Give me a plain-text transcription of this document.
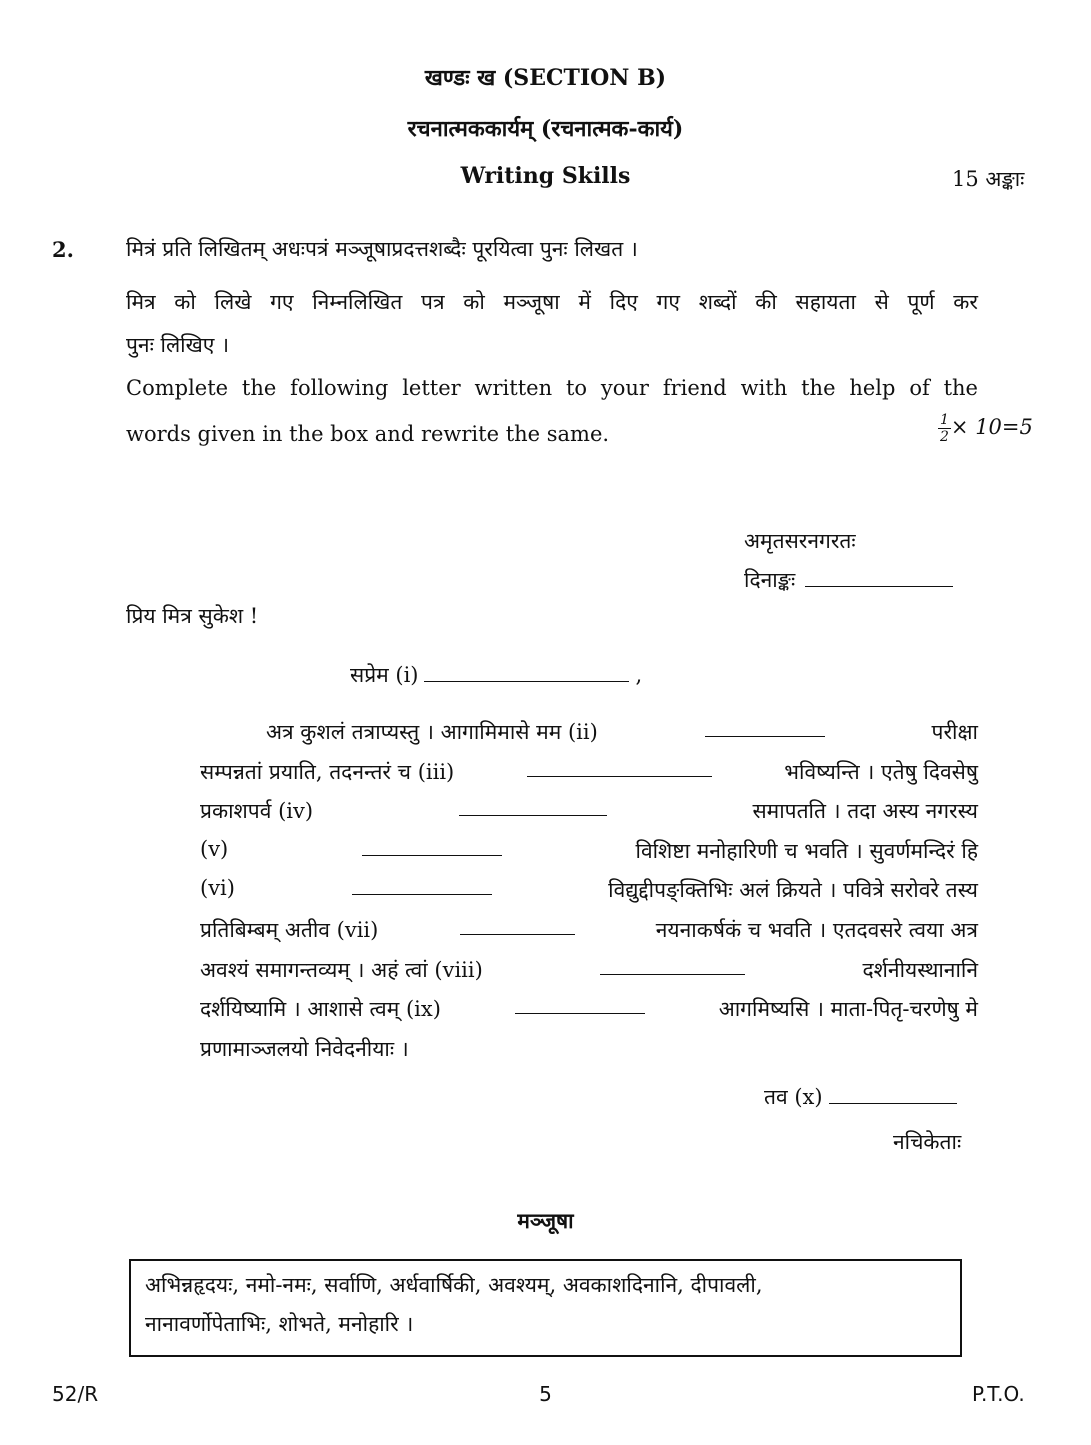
खण्डः ख (SECTION B)
रचनात्मककार्यम् (रचनात्मक-कार्य)
Writing Skills	15 अङ्काः
2. मित्रं प्रति लिखितम् अधःपत्रं मञ्जूषाप्रदत्तशब्दैः पूरयित्वा पुनः लिखत ।
मित्र को लिखे गए निम्नलिखित पत्र को मञ्जूषा में दिए गए शब्दों की सहायता से पूर्ण कर
पुनः लिखिए ।
Complete the following letter written to your friend with the help of the
words given in the box and rewrite the same.	$\frac{1}{2} \times 10=5$
अमृतसरनगरतः
दिनाङ्कः
प्रिय मित्र सुकेश !
सप्रेम (i)	,
अत्र कुशलं तत्राप्यस्तु । आगामिमासे मम (ii)	परीक्षा
सम्पन्नतां प्रयाति, तदनन्तरं च (iii)	भविष्यन्ति । एतेषु दिवसेषु
प्रकाशपर्व (iv)	समापतति । तदा अस्य नगरस्य
(v)	विशिष्टा मनोहारिणी च भवति । सुवर्णमन्दिरं हि
(vi)	विद्युद्दीपङ्क्तिभिः अलं क्रियते । पवित्रे सरोवरे तस्य
प्रतिबिम्बम् अतीव (vii)	नयनाकर्षकं च भवति । एतदवसरे त्वया अत्र
अवश्यं समागन्तव्यम् । अहं त्वां (viii)	दर्शनीयस्थानानि
दर्शयिष्यामि । आशासे त्वम् (ix)	आगमिष्यसि । माता-पितृ-चरणेषु मे
प्रणामाञ्जलयो निवेदनीयाः ।
तव (x)
नचिकेताः
मञ्जूषा
अभिन्नहृदयः, नमो-नमः, सर्वाणि, अर्धवार्षिकी, अवश्यम्, अवकाशदिनानि, दीपावली,
नानावर्णोपेताभिः, शोभते, मनोहारि ।
52/R	5	P.T.O.
